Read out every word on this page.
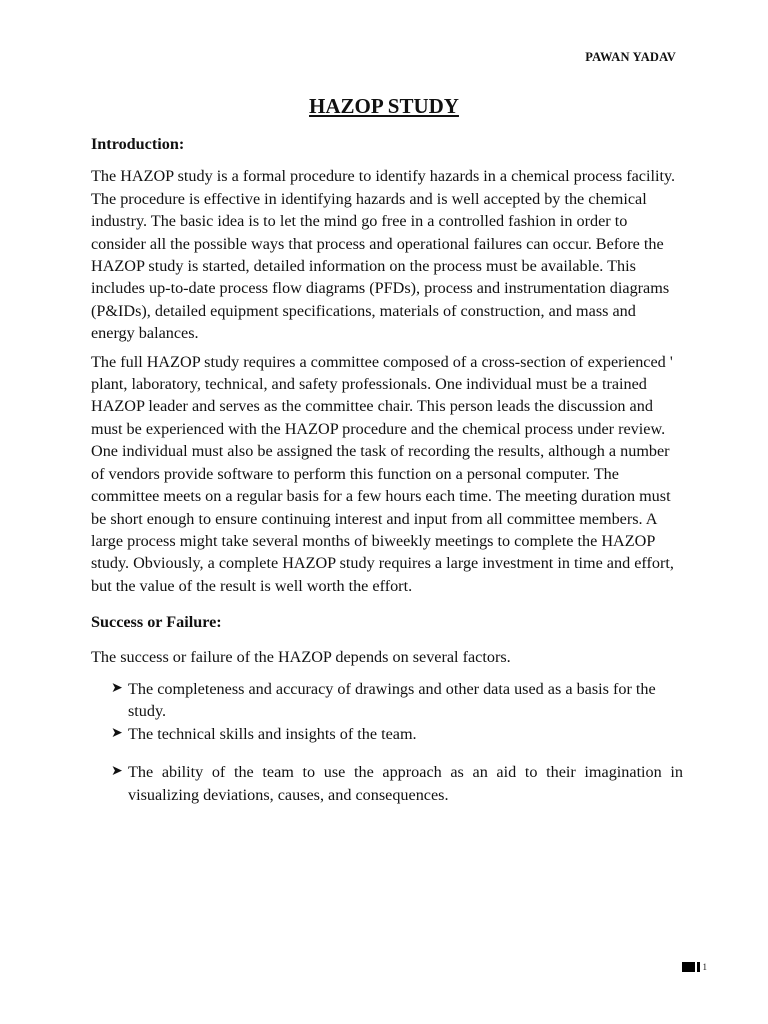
PAWAN YADAV
HAZOP STUDY

Introduction:

The HAZOP study is a formal procedure to identify hazards in a chemical process facility. The procedure is effective in identifying hazards and is well accepted by the chemical industry. The basic idea is to let the mind go free in a controlled fashion in order to consider all the possible ways that process and operational failures can occur. Before the HAZOP study is started, detailed information on the process must be available. This includes up-to-date process flow diagrams (PFDs), process and instrumentation diagrams (P&IDs), detailed equipment specifications, materials of construction, and mass and energy balances.

The full HAZOP study requires a committee composed of a cross-section of experienced ' plant, laboratory, technical, and safety professionals. One individual must be a trained HAZOP leader and serves as the committee chair. This person leads the discussion and must be experienced with the HAZOP procedure and the chemical process under review. One individual must also be assigned the task of recording the results, although a number of vendors provide software to perform this function on a personal computer. The committee meets on a regular basis for a few hours each time. The meeting duration must be short enough to ensure continuing interest and input from all committee members. A large process might take several months of biweekly meetings to complete the HAZOP study. Obviously, a complete HAZOP study requires a large investment in time and effort, but the value of the result is well worth the effort.

Success or Failure:

The success or failure of the HAZOP depends on several factors.

➤ The completeness and accuracy of drawings and other data used as a basis for the study.
➤ The technical skills and insights of the team.
➤ The ability of the team to use the approach as an aid to their imagination in visualizing deviations, causes, and consequences.
1
